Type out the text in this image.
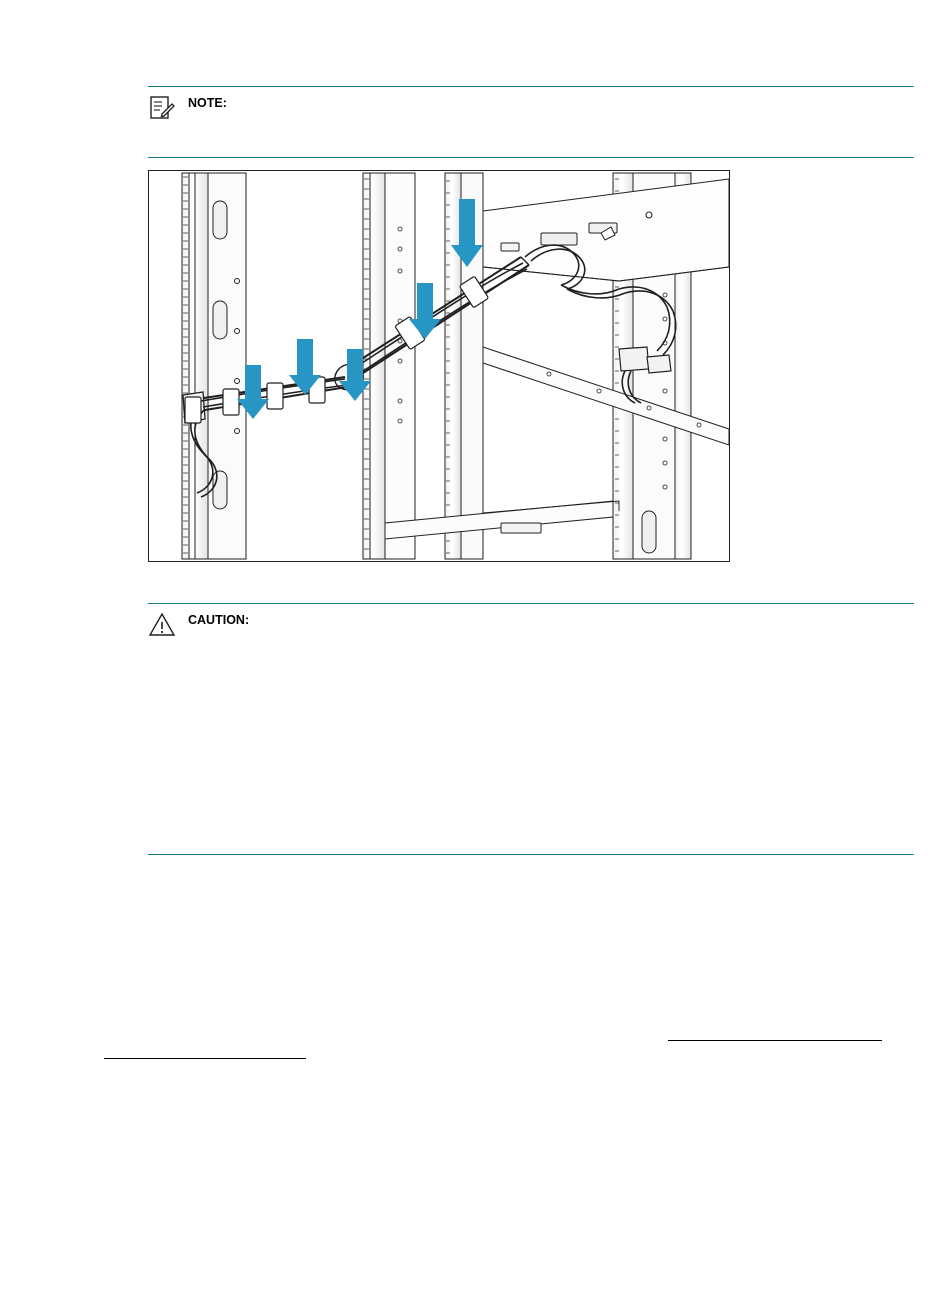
NOTE:
CAUTION:
